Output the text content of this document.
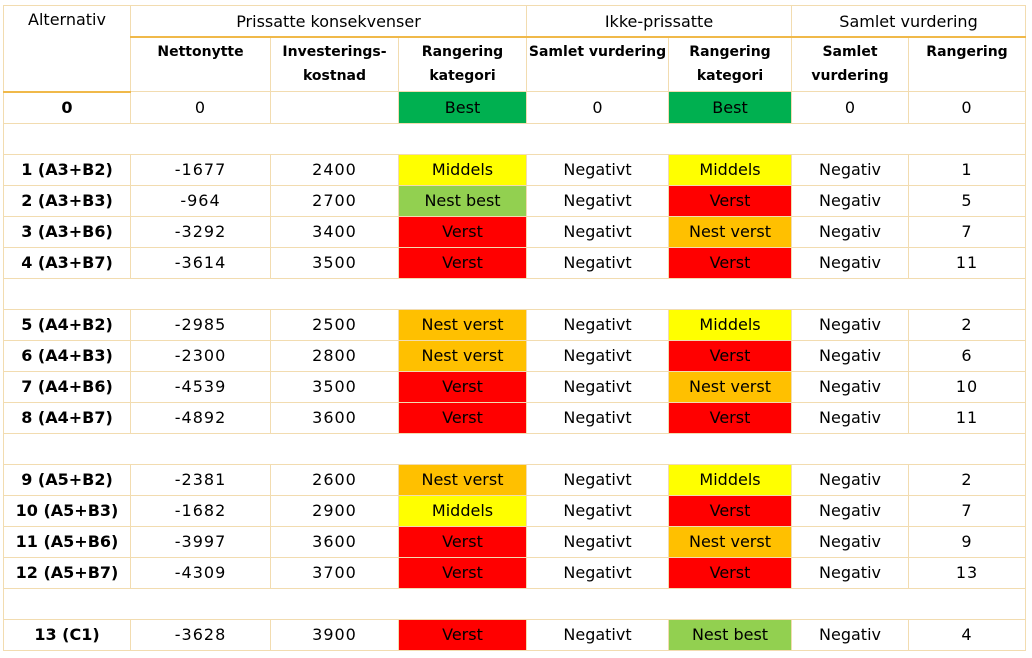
Alternativ	Prissatte konsekvenser			Ikke-prissatte		Samlet vurdering	
	Nettonytte	Investerings-kostnad	Rangering kategori	Samlet vurdering	Rangering kategori	Samlet vurdering	Rangering
0	0		Best	0	Best	0	0

1 (A3+B2)	-1677	2400	Middels	Negativt	Middels	Negativ	1
2 (A3+B3)	-964	2700	Nest best	Negativt	Verst	Negativ	5
3 (A3+B6)	-3292	3400	Verst	Negativt	Nest verst	Negativ	7
4 (A3+B7)	-3614	3500	Verst	Negativt	Verst	Negativ	11

5 (A4+B2)	-2985	2500	Nest verst	Negativt	Middels	Negativ	2
6 (A4+B3)	-2300	2800	Nest verst	Negativt	Verst	Negativ	6
7 (A4+B6)	-4539	3500	Verst	Negativt	Nest verst	Negativ	10
8 (A4+B7)	-4892	3600	Verst	Negativt	Verst	Negativ	11

9 (A5+B2)	-2381	2600	Nest verst	Negativt	Middels	Negativ	2
10 (A5+B3)	-1682	2900	Middels	Negativt	Verst	Negativ	7
11 (A5+B6)	-3997	3600	Verst	Negativt	Nest verst	Negativ	9
12 (A5+B7)	-4309	3700	Verst	Negativt	Verst	Negativ	13

13 (C1)	-3628	3900	Verst	Negativt	Nest best	Negativ	4
